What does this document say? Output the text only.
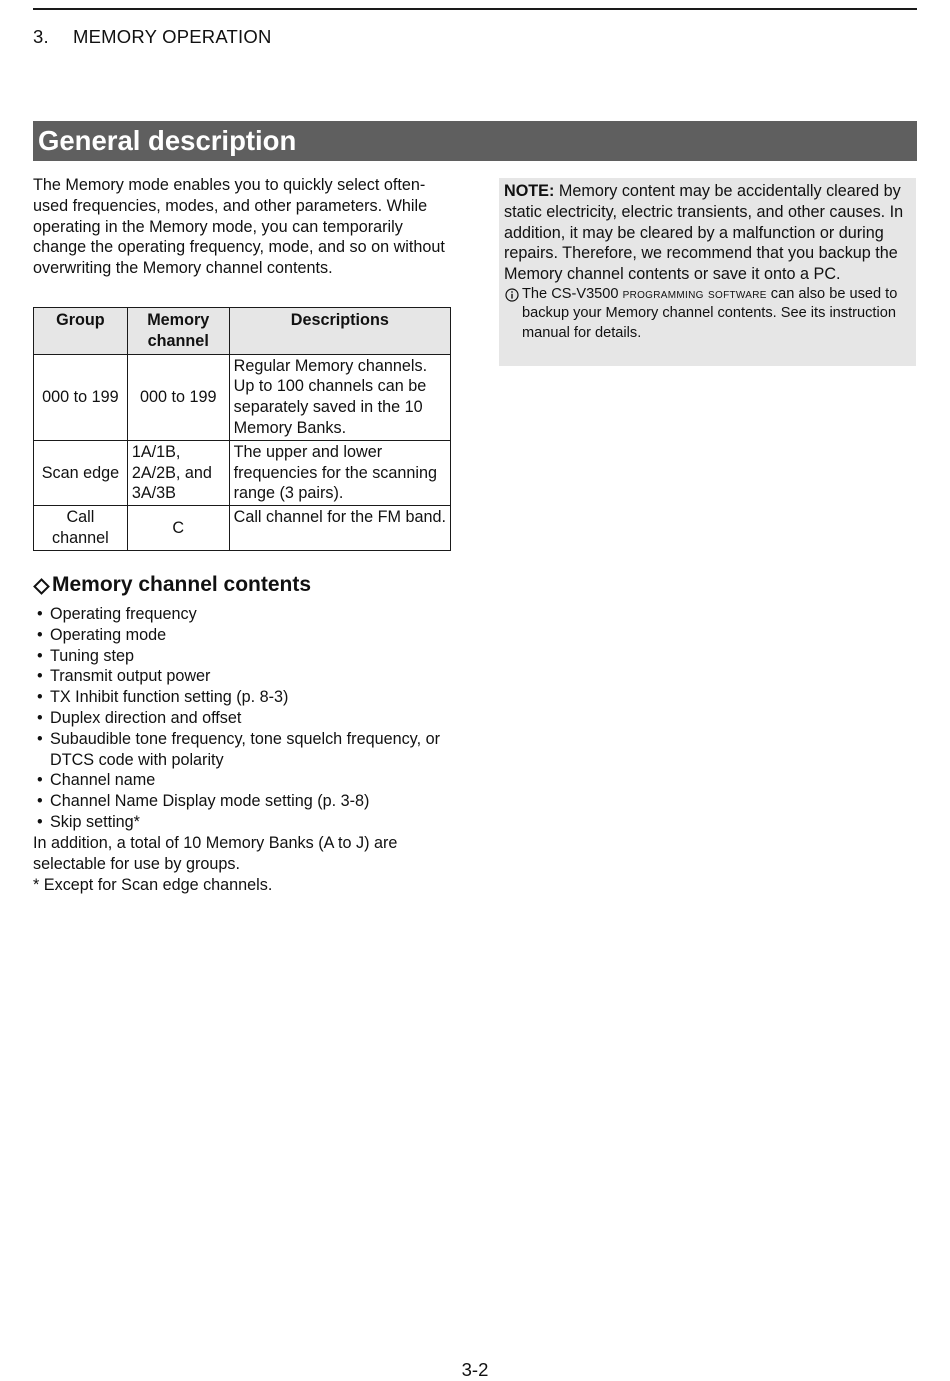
3. MEMORY OPERATION
General description

The Memory mode enables you to quickly select often-used frequencies, modes, and other parameters. While operating in the Memory mode, you can temporarily change the operating frequency, mode, and so on without overwriting the Memory channel contents.

Group	Memory channel	Descriptions
000 to 199	000 to 199	Regular Memory channels. Up to 100 channels can be separately saved in the 10 Memory Banks.
Scan edge	1A/1B, 2A/2B, and 3A/3B	The upper and lower frequencies for the scanning range (3 pairs).
Call channel	C	Call channel for the FM band.
Memory channel contents
• Operating frequency
• Operating mode
• Tuning step
• Transmit output power
• TX Inhibit function setting (p. 8-3)
• Duplex direction and offset
• Subaudible tone frequency, tone squelch frequency, or DTCS code with polarity
• Channel name
• Channel Name Display mode setting (p. 3-8)
• Skip setting*

In addition, a total of 10 Memory Banks (A to J) are selectable for use by groups.

* Except for Scan edge channels.

NOTE: Memory content may be accidentally cleared by static electricity, electric transients, and other causes. In addition, it may be cleared by a malfunction or during repairs. Therefore, we recommend that you backup the Memory channel contents or save it onto a PC.
The CS-V3500 programming software can also be used to backup your Memory channel contents. See its instruction manual for details.
3-2
